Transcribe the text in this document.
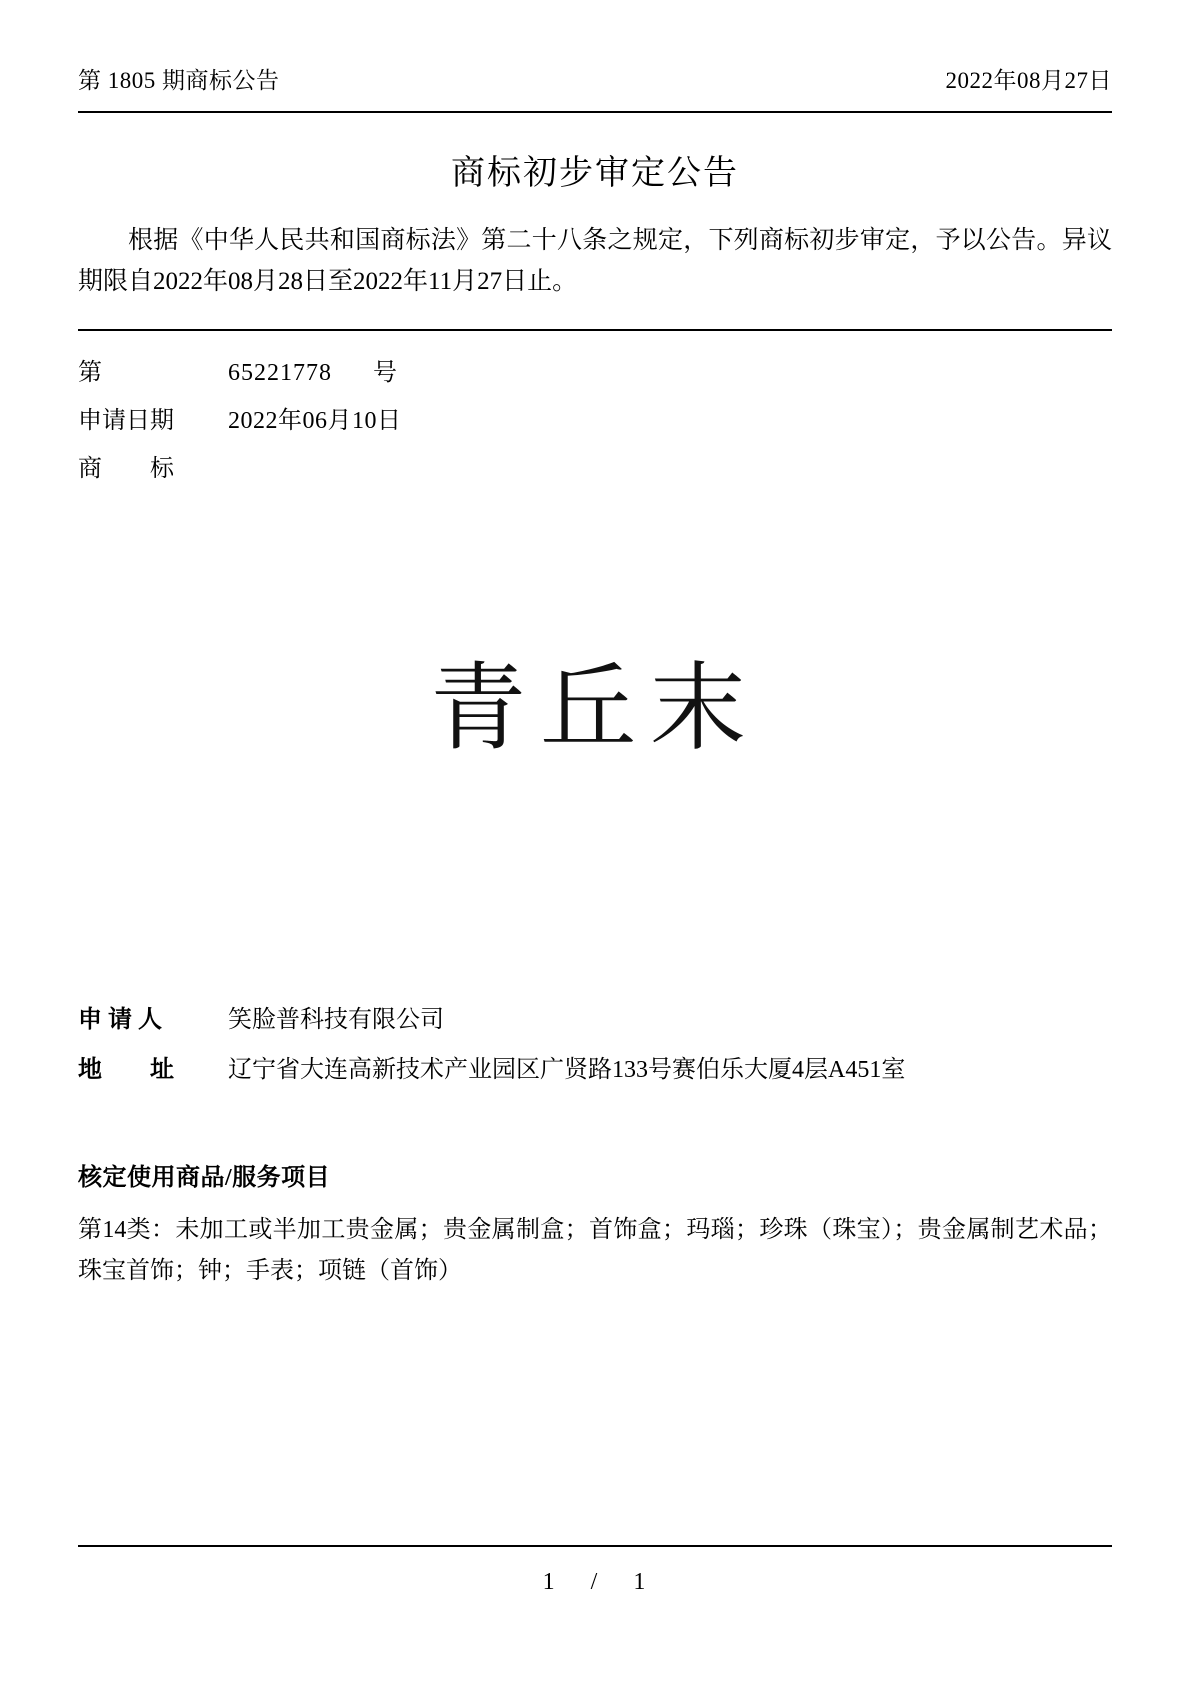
第 1805 期商标公告	2022年08月27日
商标初步审定公告
根据《中华人民共和国商标法》第二十八条之规定，下列商标初步审定，予以公告。异议期限自2022年08月28日至2022年11月27日止。
第	65221778 号
申请日期	2022年06月10日
商　　标
青丘末
申 请 人	笑脸普科技有限公司
地　　址	辽宁省大连高新技术产业园区广贤路133号赛伯乐大厦4层A451室
核定使用商品/服务项目
第14类：未加工或半加工贵金属；贵金属制盒；首饰盒；玛瑙；珍珠（珠宝）；贵金属制艺术品；珠宝首饰；钟；手表；项链（首饰）
1 / 1
